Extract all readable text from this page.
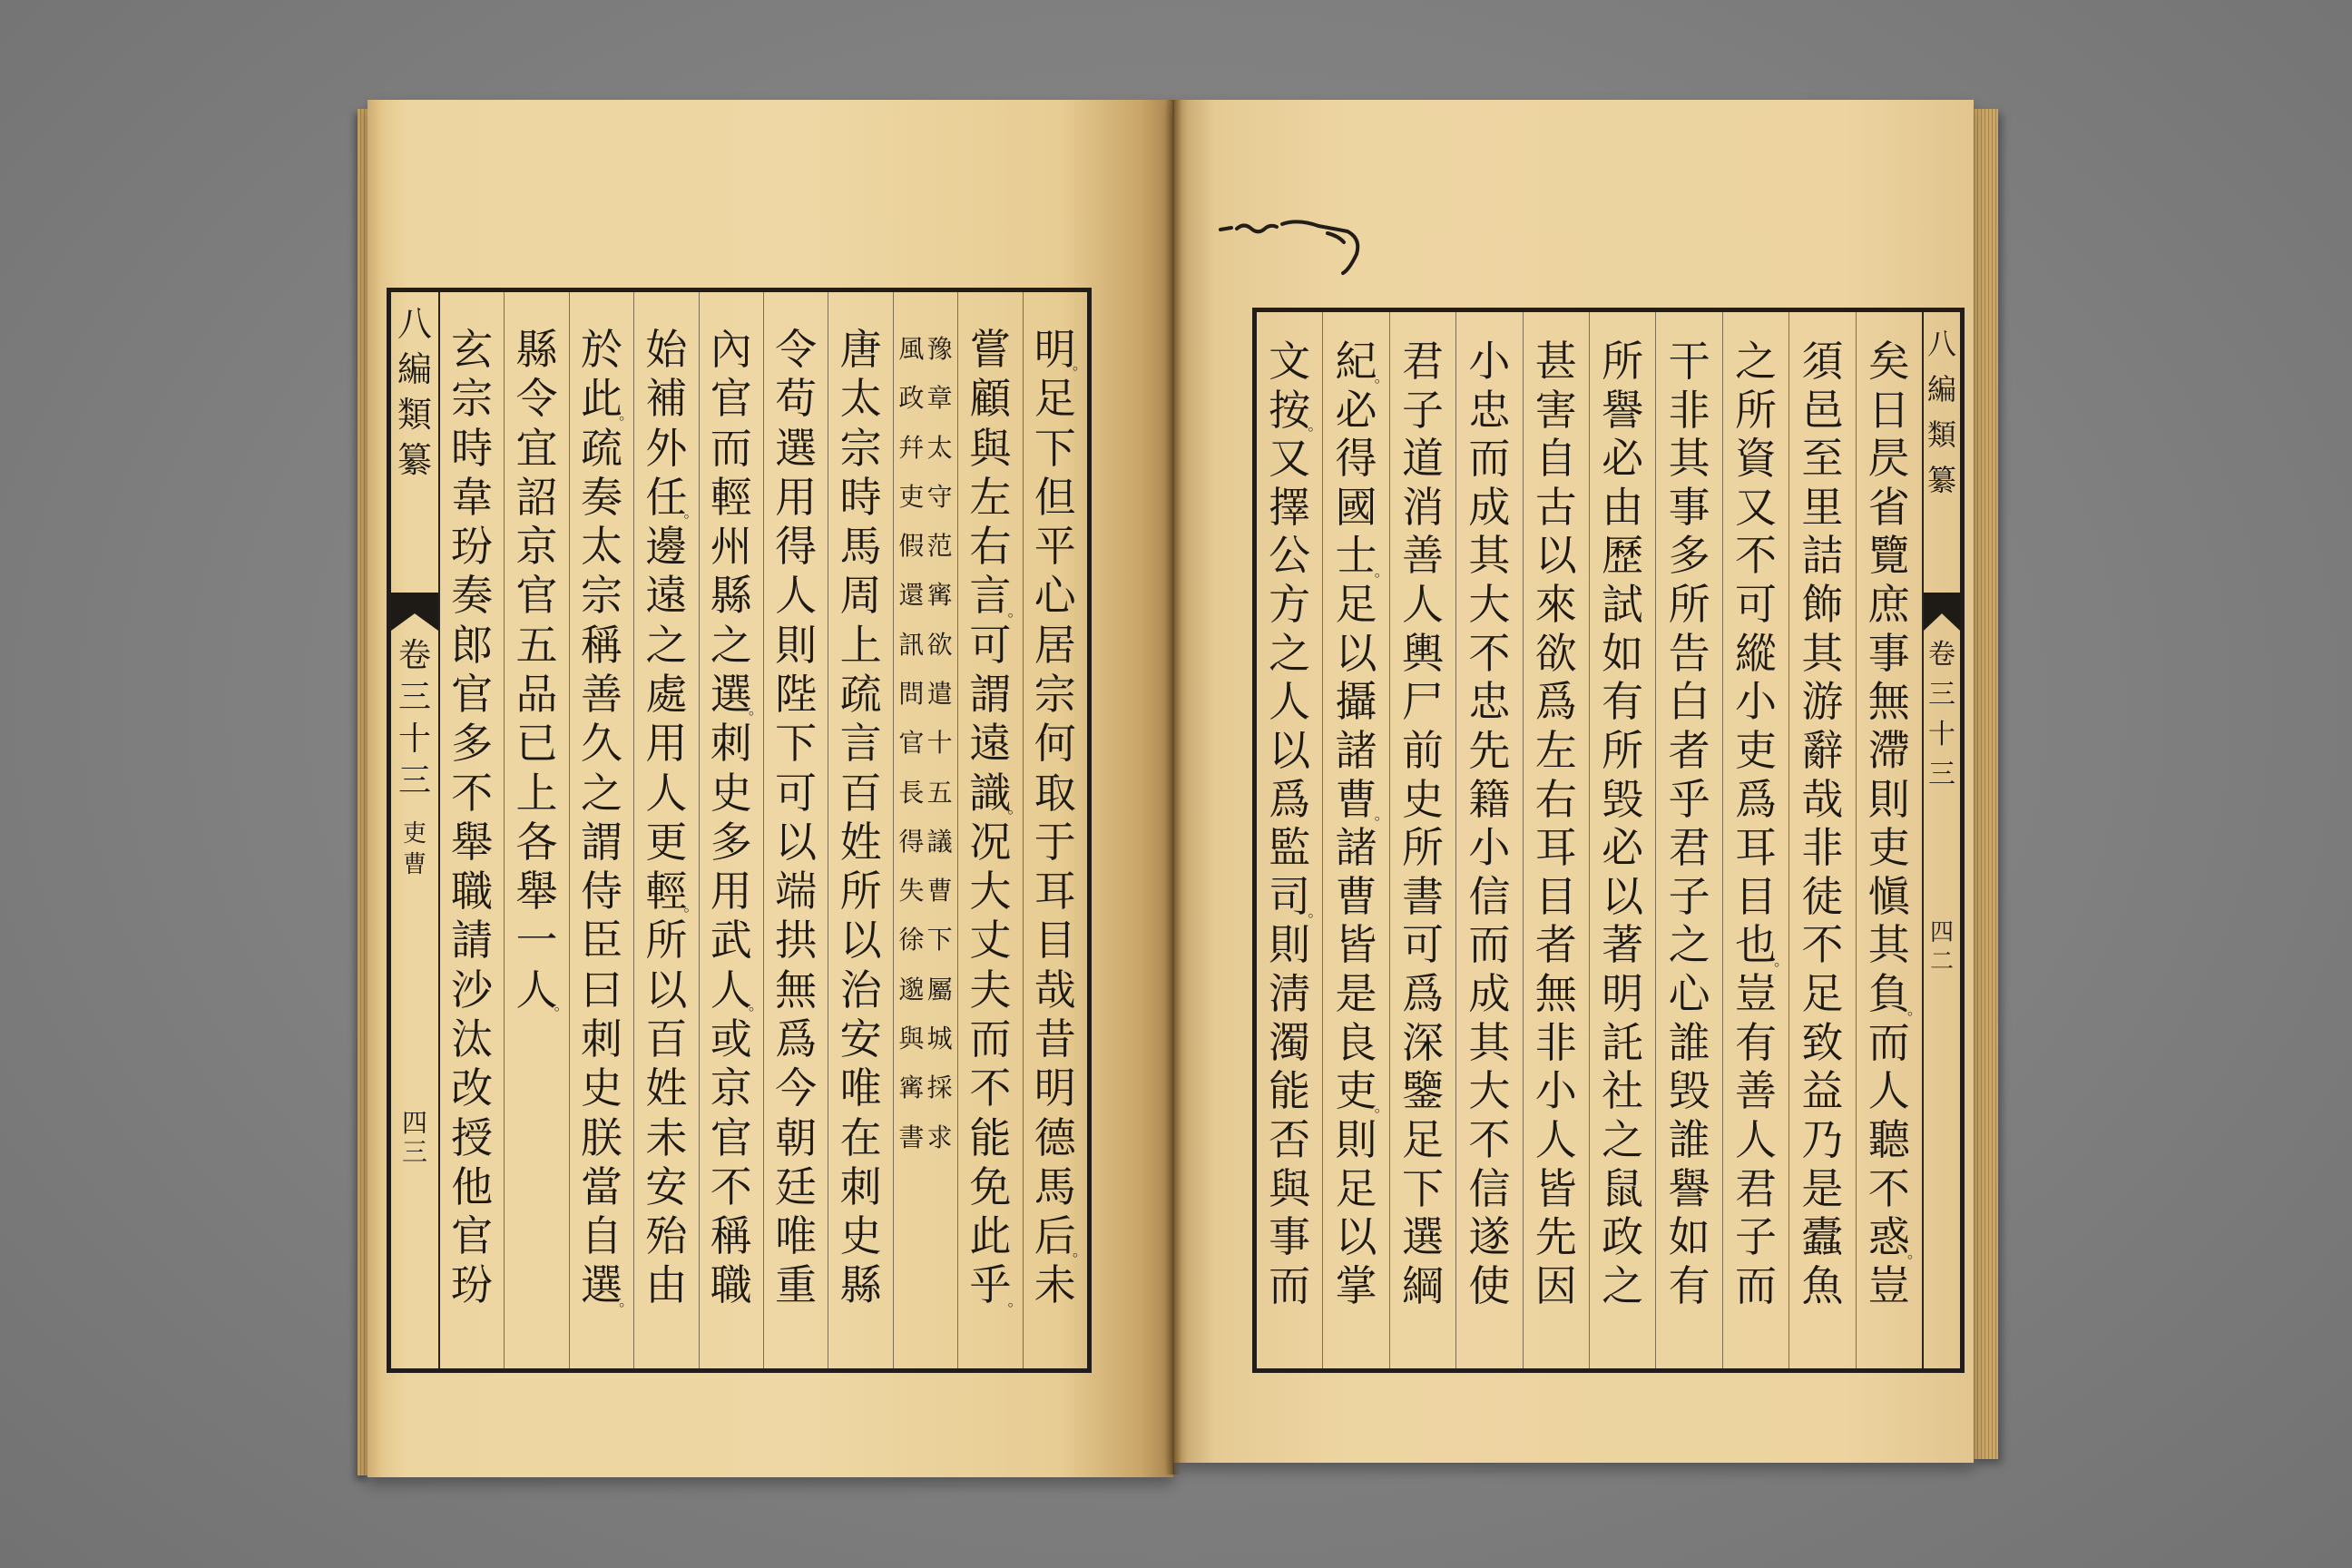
八
編
類
纂
卷
三
十
三
吏
曹
四
三
明
。
足
下
但
平
心
居
宗
何
取
于
耳
目
哉
昔
明
德
馬
后
。
未
嘗
顧
與
左
右
言
。
可
謂
遠
識
。
况
大
丈
夫
而
不
能
免
此
乎
。
豫
章
太
守
范
寗
欲
遣
十
五
議
曹
下
屬
城
採
求
風
政
幷
吏
假
還
訊
問
官
長
得
失
徐
邈
與
寗
書
唐
太
宗
時
馬
周
上
疏
言
百
姓
所
以
治
安
唯
在
刺
史
縣
令
苟
選
用
得
人
則
陛
下
可
以
端
拱
無
爲
今
朝
廷
唯
重
內
官
而
輕
州
縣
之
選
。
刺
史
多
用
武
人
。
或
京
官
不
稱
職
始
補
外
任
。
邊
遠
之
處
用
人
更
輕
。
所
以
百
姓
未
安
殆
由
於
此
。
疏
奏
太
宗
稱
善
久
之
謂
侍
臣
曰
刺
史
朕
當
自
選
。
縣
令
宜
詔
京
官
五
品
已
上
各
舉
一
人
。
玄
宗
時
韋
玢
奏
郎
官
多
不
舉
職
請
沙
汰
改
授
他
官
玢
矣
日
昃
省
覽
庶
事
無
滯
則
吏
愼
其
負
。
而
人
聽
不
惑
。
豈
須
邑
至
里
詰
飾
其
游
辭
哉
非
徒
不
足
致
益
乃
是
蠹
魚
之
所
資
又
不
可
縱
小
吏
爲
耳
目
也
。
豈
有
善
人
君
子
而
干
非
其
事
多
所
告
白
者
乎
君
子
之
心
誰
毁
誰
譽
如
有
所
譽
必
由
歷
試
如
有
所
毁
必
以
著
明
託
社
之
鼠
政
之
甚
害
自
古
以
來
欲
爲
左
右
耳
目
者
無
非
小
人
皆
先
因
小
忠
而
成
其
大
不
忠
先
籍
小
信
而
成
其
大
不
信
遂
使
君
子
道
消
善
人
輿
尸
前
史
所
書
可
爲
深
鑒
足
下
選
綱
紀
。
必
得
國
士
。
足
以
攝
諸
曹
。
諸
曹
皆
是
良
吏
。
則
足
以
掌
文
按
。
又
擇
公
方
之
人
以
爲
監
司
。
則
淸
濁
能
否
與
事
而
八
編
類
纂
卷
三
十
三
四
二
